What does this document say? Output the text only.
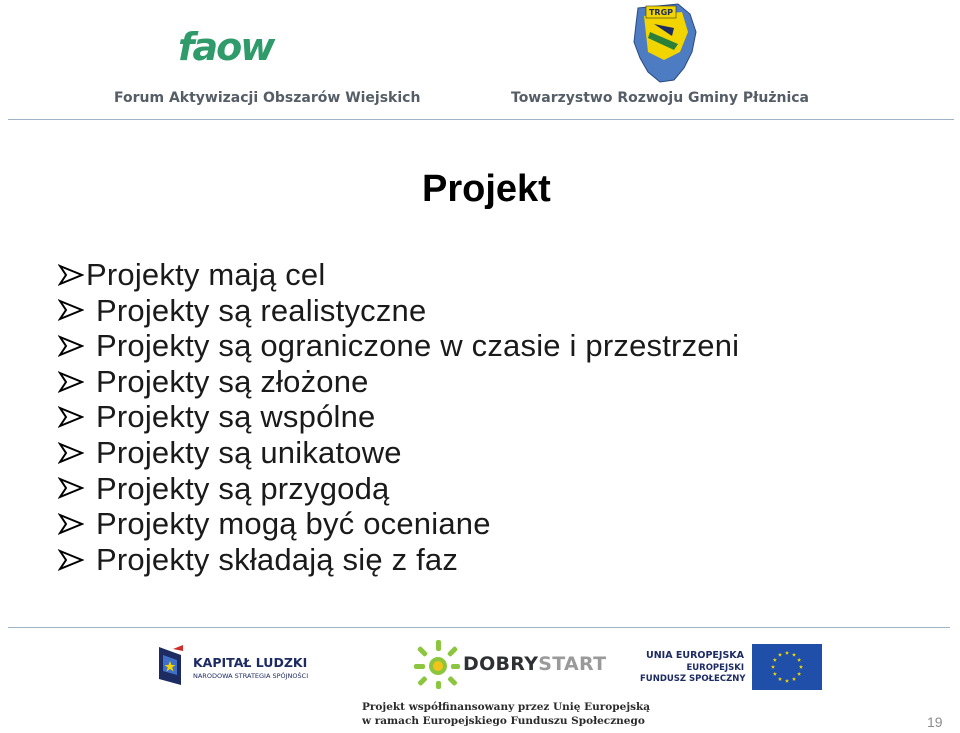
faow
Forum Aktywizacji Obszarów Wiejskich
TRGP
Towarzystwo Rozwoju Gminy Płużnica
Projekt
Projekty mają cel
Projekty są realistyczne
Projekty są ograniczone w czasie i przestrzeni
Projekty są złożone
Projekty są wspólne
Projekty są unikatowe
Projekty są przygodą
Projekty mogą być oceniane
Projekty składają się z faz
KAPITAŁ LUDZKI
NARODOWA STRATEGIA SPÓJNOŚCI
DOBRYSTART	UNIA EUROPEJSKA
EUROPEJSKI
FUNDUSZ SPOŁECZNY
Projekt współfinansowany przez Unię Europejską
w ramach Europejskiego Funduszu Społecznego	19
